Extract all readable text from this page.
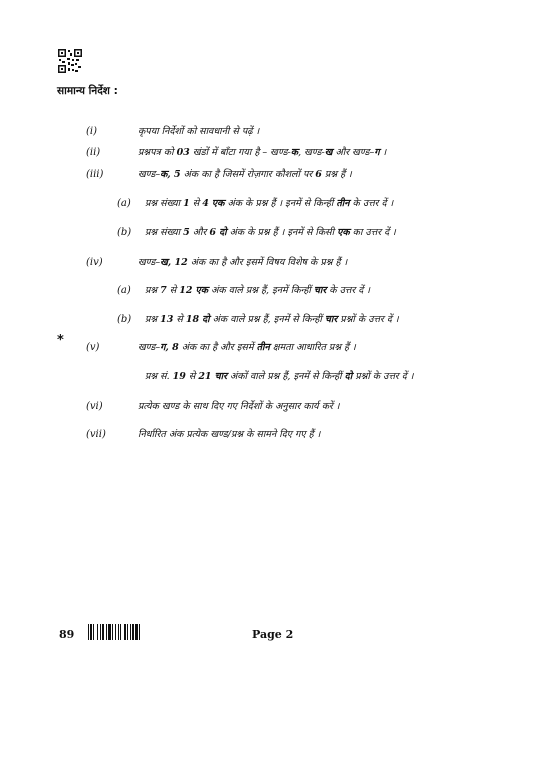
सामान्य निर्देश :
(i)	कृपया निर्देशों को सावधानी से पढ़ें ।
(ii)	प्रश्नपत्र को 03 खंडों में बाँटा गया है – खण्ड-क, खण्ड-ख और खण्ड–ग ।
(iii)	खण्ड–क, 5 अंक का है जिसमें रोज़गार कौशलों पर 6 प्रश्न हैं ।
(a) प्रश्न संख्या 1 से 4 एक अंक के प्रश्न हैं । इनमें से किन्हीं तीन के उत्तर दें ।
(b) प्रश्न संख्या 5 और 6 दो अंक के प्रश्न हैं । इनमें से किसी एक का उत्तर दें ।
(iv)	खण्ड–ख, 12 अंक का है और इसमें विषय विशेष के प्रश्न हैं ।
(a) प्रश्न 7 से 12 एक अंक वाले प्रश्न हैं, इनमें किन्हीं चार के उत्तर दें ।
(b) प्रश्न 13 से 18 दो अंक वाले प्रश्न हैं, इनमें से किन्हीं चार प्रश्नों के उत्तर दें ।
* (v)	खण्ड–ग, 8 अंक का है और इसमें तीन क्षमता आधारित प्रश्न हैं ।
प्रश्न सं. 19 से 21 चार अंकों वाले प्रश्न हैं, इनमें से किन्हीं दो प्रश्नों के उत्तर दें ।
(vi)	प्रत्येक खण्ड के साथ दिए गए निर्देशों के अनुसार कार्य करें ।
(vii)	निर्धारित अंक प्रत्येक खण्ड/प्रश्न के सामने दिए गए हैं ।
89	Page 2
